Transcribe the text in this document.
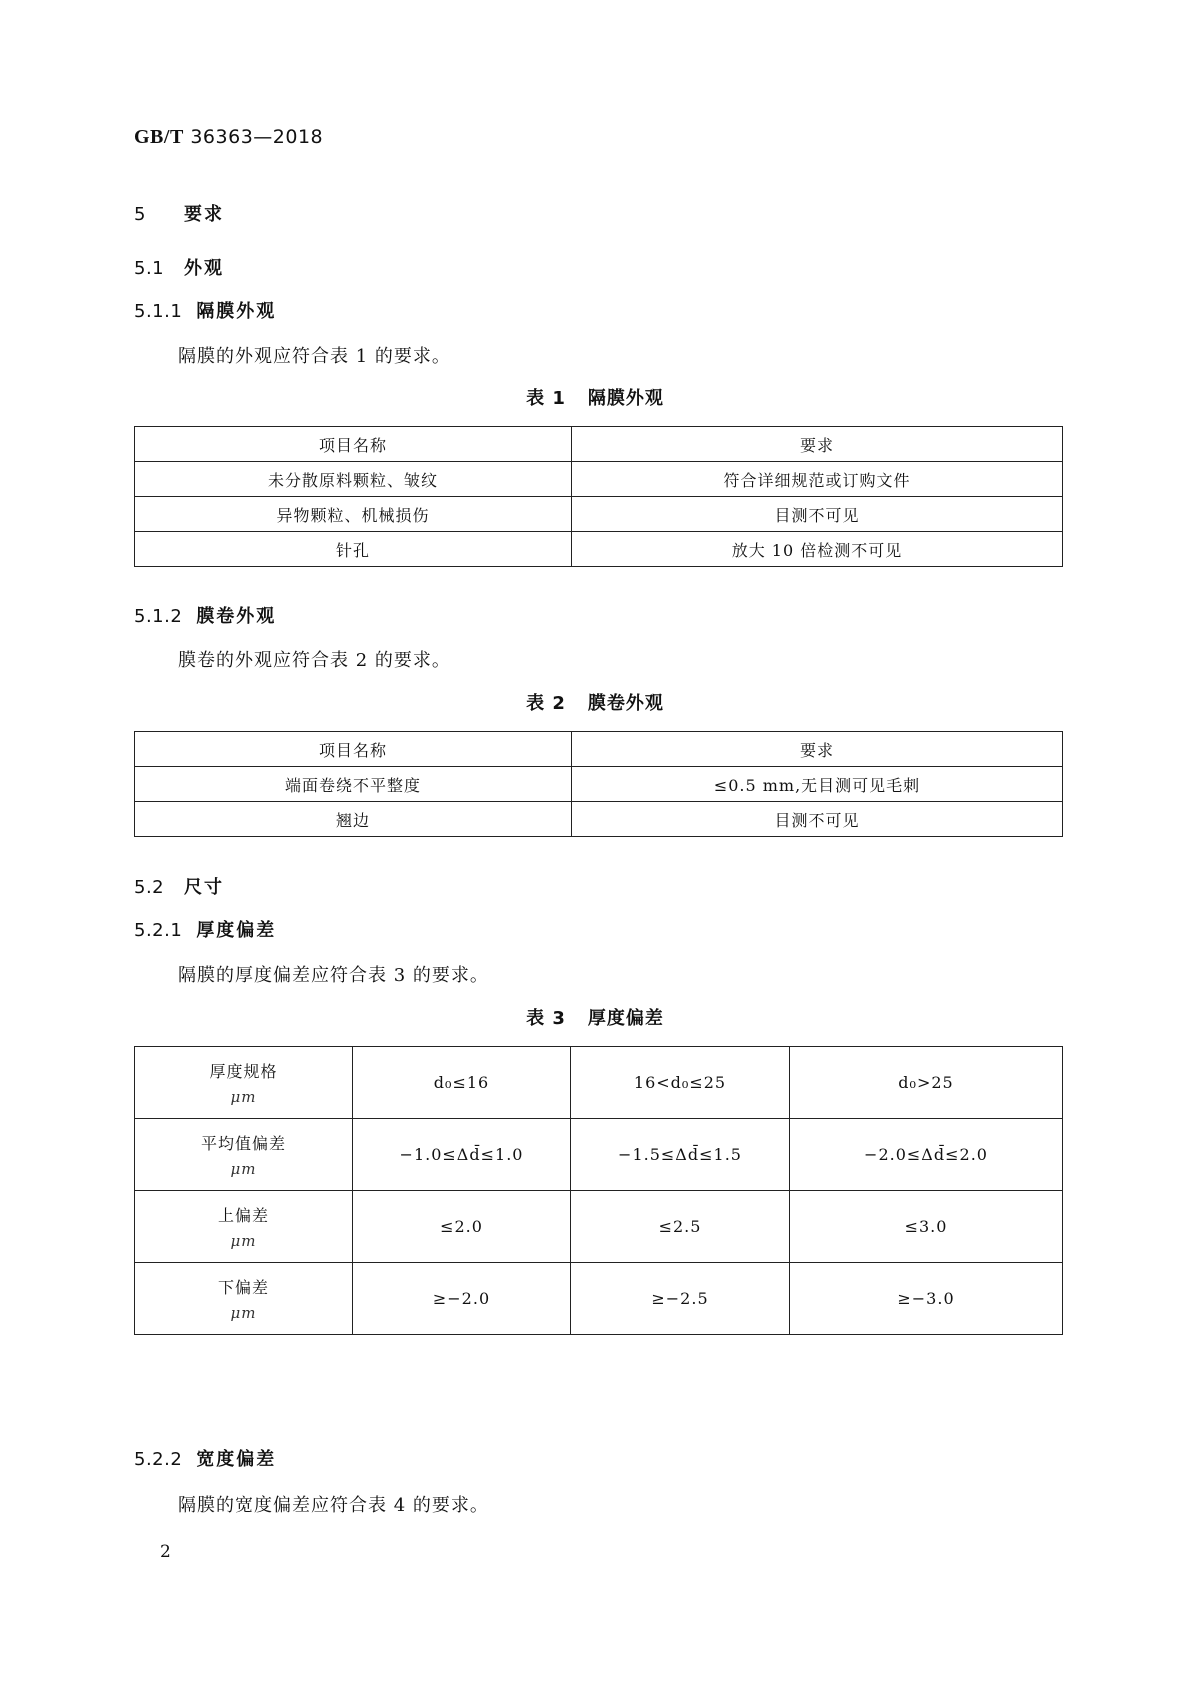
GB/T 36363—2018
5 要求
5.1 外观
5.1.1 隔膜外观
隔膜的外观应符合表 1 的要求。
表 1 隔膜外观
项目名称	要求
未分散原料颗粒、皱纹	符合详细规范或订购文件
异物颗粒、机械损伤	目测不可见
针孔	放大 10 倍检测不可见
5.1.2 膜卷外观
膜卷的外观应符合表 2 的要求。
表 2 膜卷外观
项目名称	要求
端面卷绕不平整度	≤0.5 mm,无目测可见毛刺
翘边	目测不可见
5.2 尺寸
5.2.1 厚度偏差
隔膜的厚度偏差应符合表 3 的要求。
表 3 厚度偏差
厚度规格
μm	d₀≤16	16<d₀≤25	d₀>25
平均值偏差
μm	−1.0≤Δd̄≤1.0	−1.5≤Δd̄≤1.5	−2.0≤Δd̄≤2.0
上偏差
μm	≤2.0	≤2.5	≤3.0
下偏差
μm	≥−2.0	≥−2.5	≥−3.0
5.2.2 宽度偏差
隔膜的宽度偏差应符合表 4 的要求。
2
